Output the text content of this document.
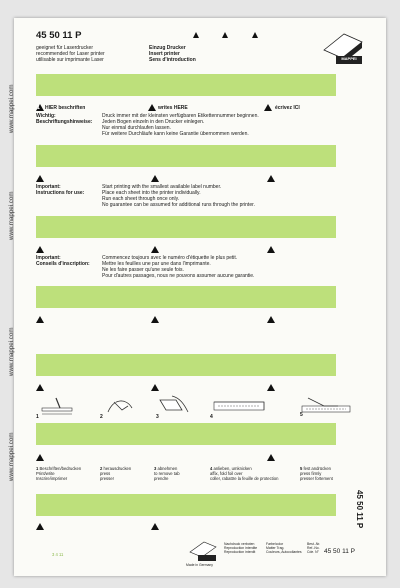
45 50 11 P
geeignet für Laserdrucker
recommended for Laser printer
utilisable sur imprimante Laser
Einzug Drucker
Insert printer
Sens d'introduction	MAPPEI
www.mappei.com
www.mappei.com
www.mappei.com
www.mappei.com
1 HIER beschriften	writes HERE	écrivez ICI
Wichtig:
Beschriftungshinweise:
Druck immer mit der kleinsten verfügbaren Etikettennummer beginnen.
Jeden Bogen einzeln in den Drucker einlegen.
Nur einmal durchlaufen lassen.
Für weitere Durchläufe kann keine Garantie übernommen werden.
Important:
Instructions for use:
Start printing with the smallest available label number.
Place each sheet into the printer individually.
Run each sheet through once only.
No guarantee can be assumed for additional runs through the printer.
Important:
Conseils d'inscription:
Commencez toujours avec le numéro d'étiquette le plus petit.
Mettre les feuilles une par une dans l'imprimante.
Ne les faire passer qu'une seule fois.
Pour d'autres passages, nous ne pouvons assumer aucune garantie.
1	2	3	4	5
1 Beschriften/bedrucken
Print/write
Inscrire/imprimer
2 herausdrucken
press
presser
3 abnehmen
to remove tab
prendre
4 anlieben, umknicken
affix, fold foil over
coller, rabattre la feuille de protection
5 fest andrücken
press firmly
presser fortement
45 50 11 P
3 4 11
Made in Germany
Nachdruck verboten
Reproduction interdite
Reproduction interdit
Farbe/color
Matter Trag.
Couleurs, Autocollantes
Best.-Nr.
Ref.-No.
Cde. N° 45 50 11 P
